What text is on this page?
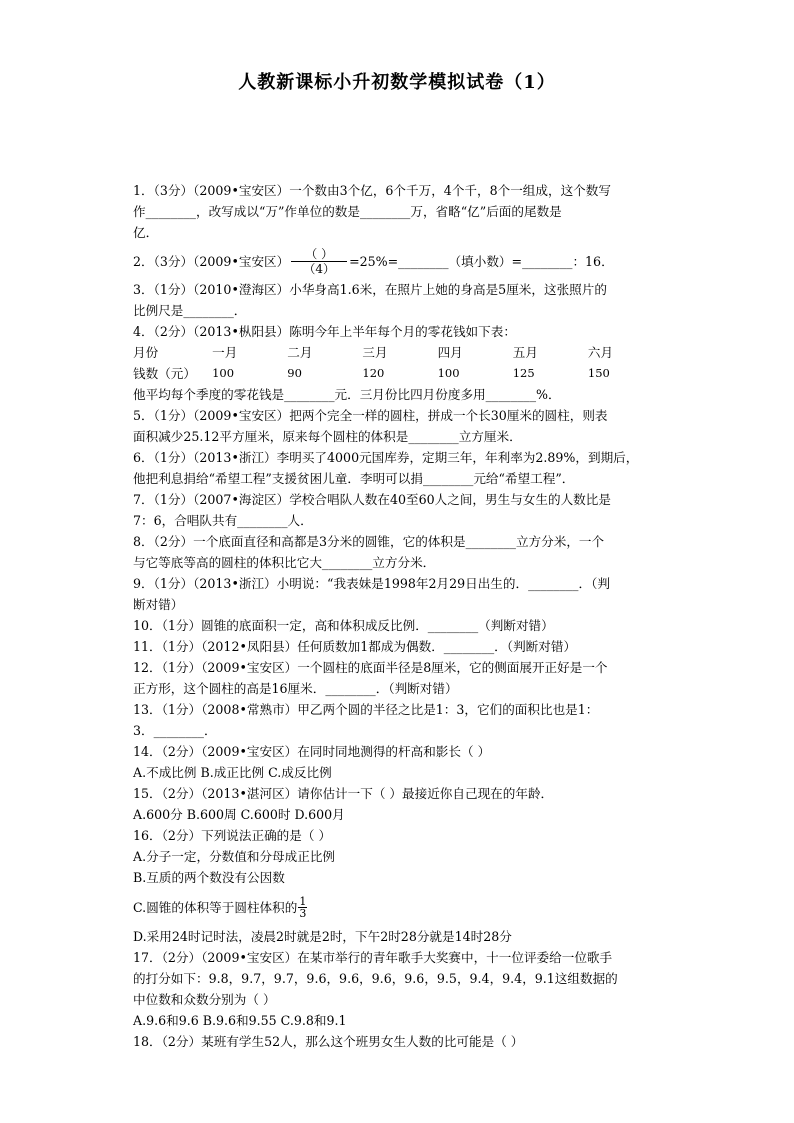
人教新课标小升初数学模拟试卷（1）
1．（3分）（2009•宝安区）一个数由3个亿，6个千万，4个千，8个一组成，这个数写
作________，改写成以“万”作单位的数是________万，省略“亿”后面的尾数是
亿．
2．（3分）（2009•宝安区） $\frac{( )}{(4)}$ =25%=________（填小数）=________：16．
3．（1分）（2010•澄海区）小华身高1.6米，在照片上她的身高是5厘米，这张照片的
比例尺是________．
4．（2分）（2013•枞阳县）陈明今年上半年每个月的零花钱如下表：
月份	一月	二月	三月	四月	五月	六月
钱数（元）	100	90	120	100	125	150
他平均每个季度的零花钱是________元．三月份比四月份度多用________%．
5．（1分）（2009•宝安区）把两个完全一样的圆柱，拼成一个长30厘米的圆柱，则表
面积减少25.12平方厘米，原来每个圆柱的体积是________立方厘米．
6．（1分）（2013•浙江）李明买了4000元国库券，定期三年，年利率为2.89%，到期后，
他把利息捐给“希望工程”支援贫困儿童．李明可以捐________元给“希望工程”．
7．（1分）（2007•海淀区）学校合唱队人数在40至60人之间，男生与女生的人数比是
7：6，合唱队共有________人．
8．（2分）一个底面直径和高都是3分米的圆锥，它的体积是________立方分米，一个
与它等底等高的圆柱的体积比它大________立方分米．
9．（1分）（2013•浙江）小明说：“我表妹是1998年2月29日出生的．________．（判
断对错）
10．（1分）圆锥的底面积一定，高和体积成反比例．________（判断对错）
11．（1分）（2012•凤阳县）任何质数加1都成为偶数．________．（判断对错）
12．（1分）（2009•宝安区）一个圆柱的底面半径是8厘米，它的侧面展开正好是一个
正方形，这个圆柱的高是16厘米．________．（判断对错）
13．（1分）（2008•常熟市）甲乙两个圆的半径之比是1：3，它们的面积比也是1：
3．________．
14．（2分）（2009•宝安区）在同时同地测得的杆高和影长（ ）
A.不成比例 B.成正比例 C.成反比例
15．（2分）（2013•湛河区）请你估计一下（ ）最接近你自己现在的年龄．
A.600分 B.600周 C.600时 D.600月
16．（2分）下列说法正确的是（ ）
A.分子一定，分数值和分母成正比例
B.互质的两个数没有公因数
C.圆锥的体积等于圆柱体积的 $\frac{1}{3}$
D.采用24时记时法，凌晨2时就是2时，下午2时28分就是14时28分
17．（2分）（2009•宝安区）在某市举行的青年歌手大奖赛中，十一位评委给一位歌手
的打分如下：9.8，9.7，9.7，9.6，9.6，9.6，9.6，9.5，9.4，9.4，9.1这组数据的
中位数和众数分别为（ ）
A.9.6和9.6 B.9.6和9.55 C.9.8和9.1
18．（2分）某班有学生52人，那么这个班男女生人数的比可能是（ ）
